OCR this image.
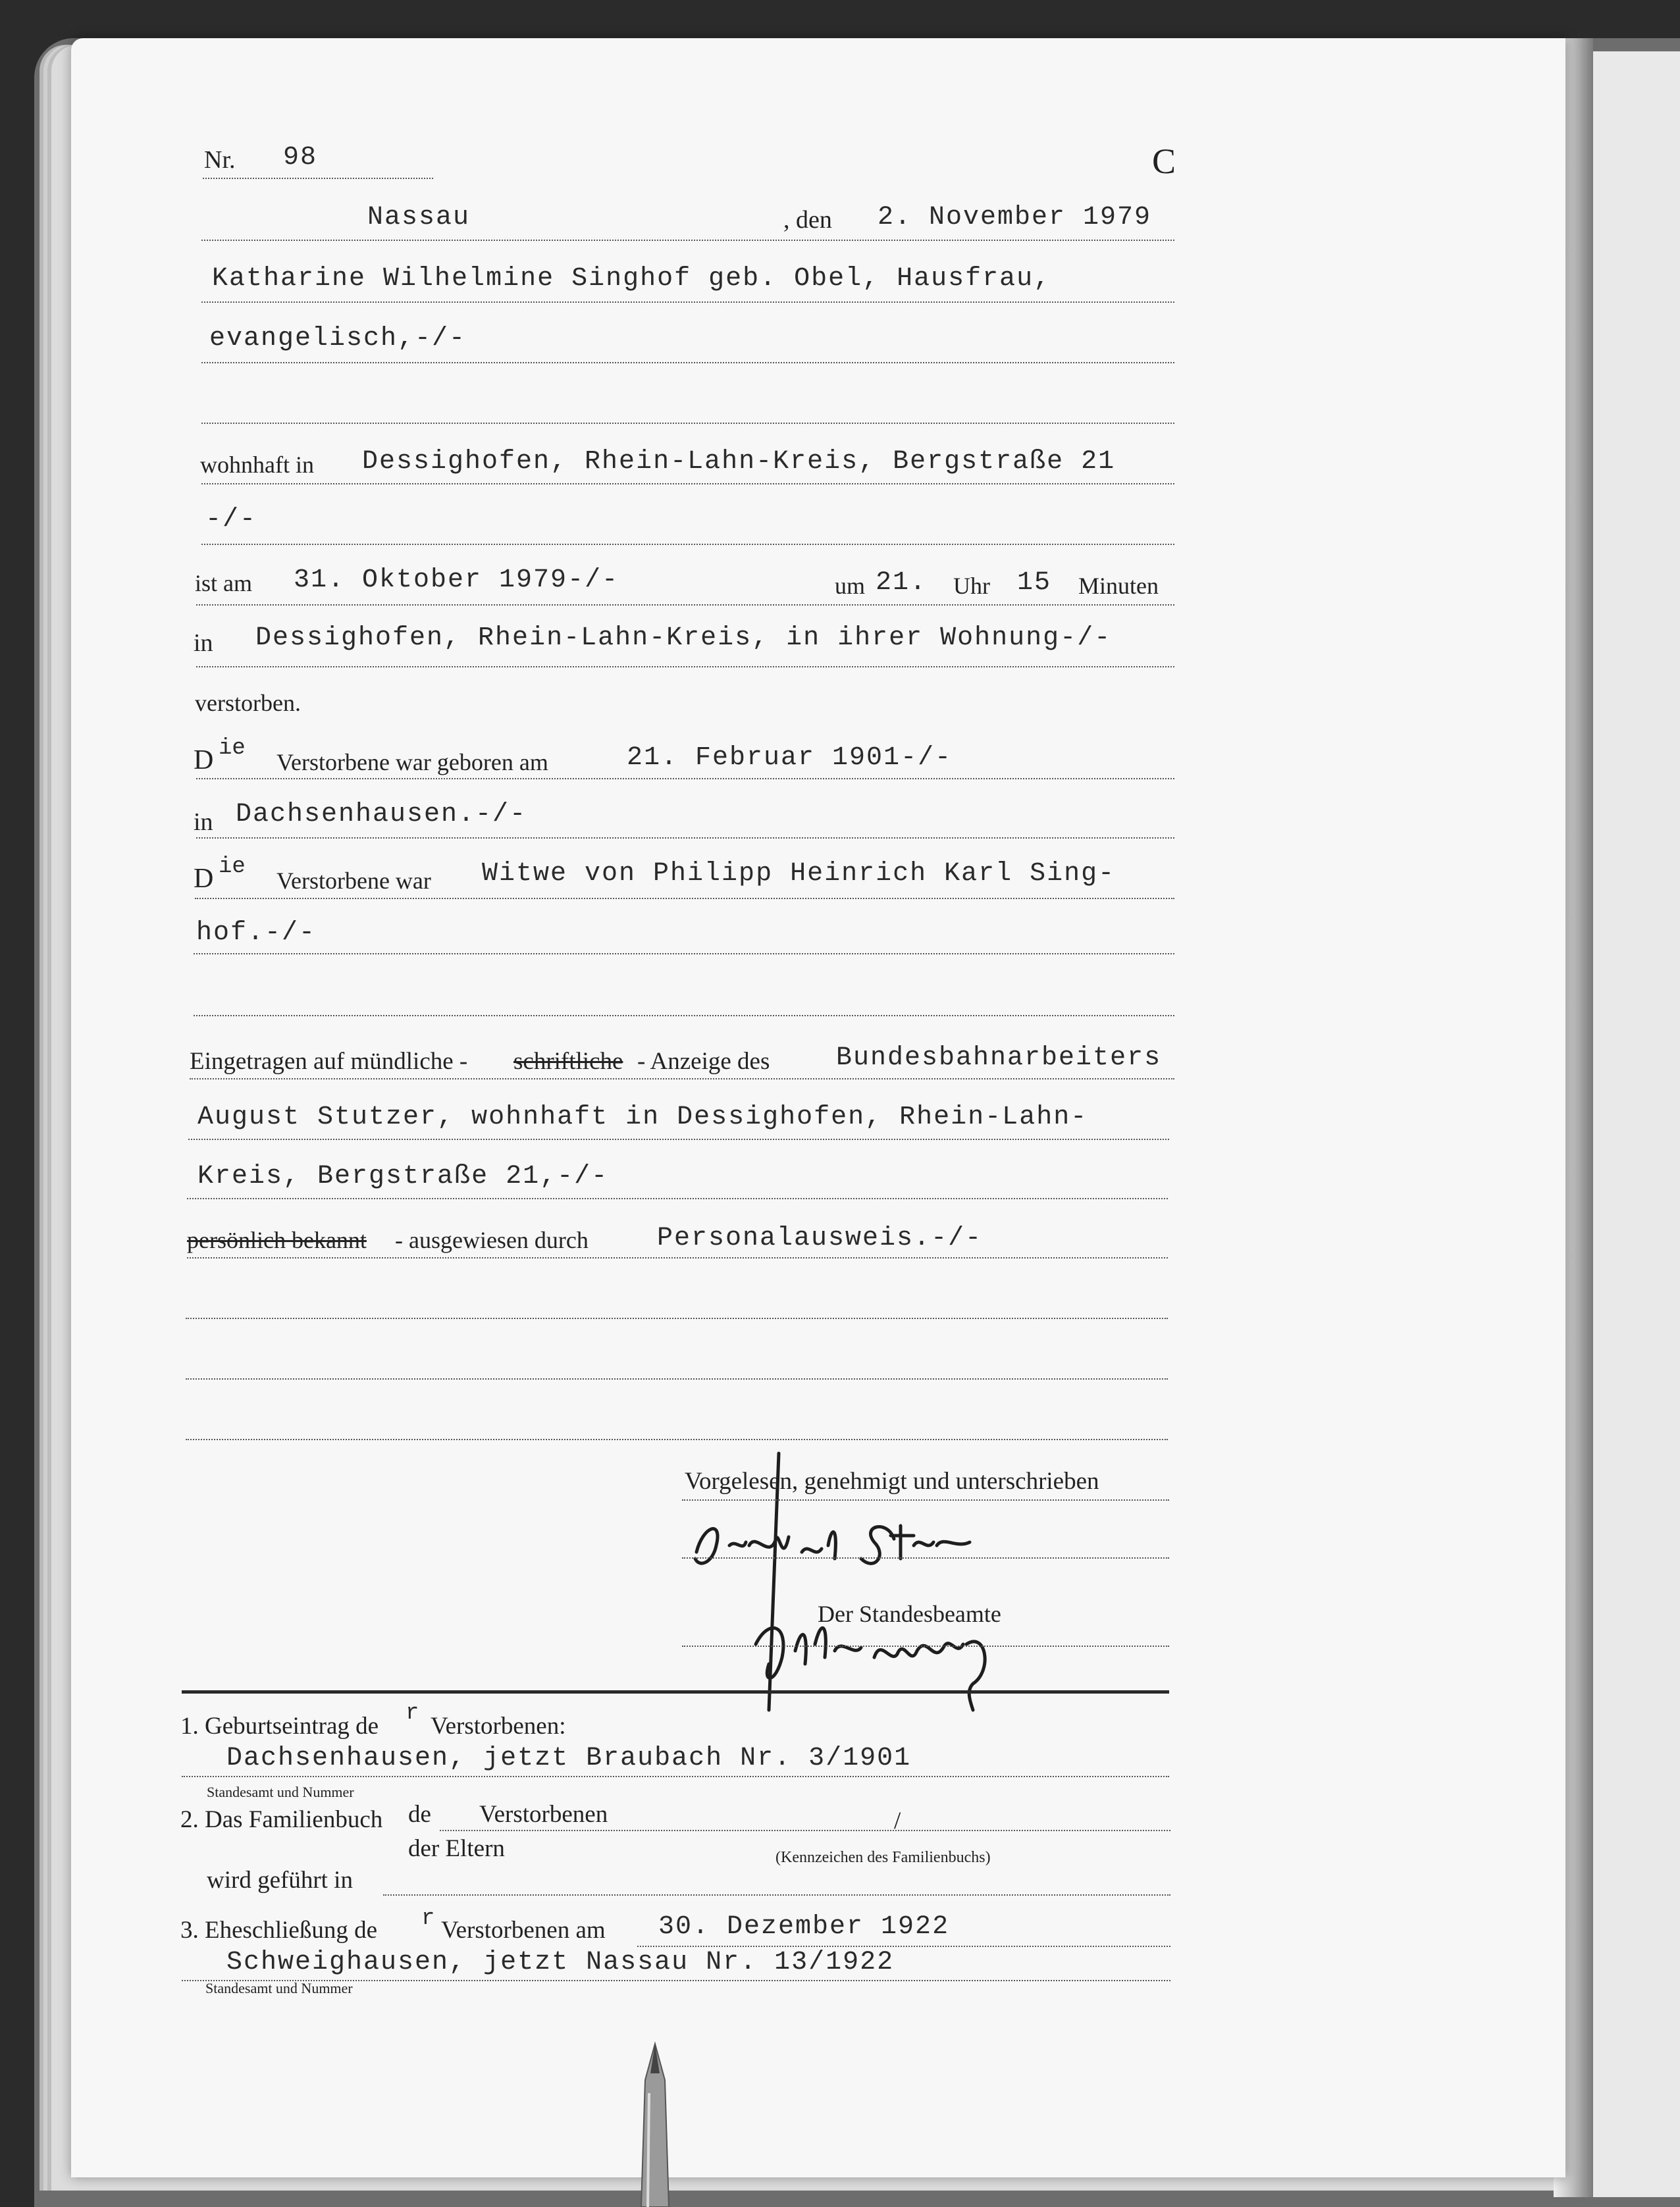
Nr. 98	C
Nassau	, den 2. November 1979
Katharine Wilhelmine Singhof geb. Obel, Hausfrau,
evangelisch,-/-
wohnhaft in Dessighofen, Rhein-Lahn-Kreis, Bergstraße 21
-/-
ist am 31. Oktober 1979-/-	um 21. Uhr 15 Minuten
in Dessighofen, Rhein-Lahn-Kreis, in ihrer Wohnung-/-
verstorben.
D ie
Verstorbene war geboren am	21. Februar 1901-/-
in Dachsenhausen.-/-
D ie
Verstorbene war Witwe von Philipp Heinrich Karl Sing-
hof.-/-
Eingetragen auf mündliche - schriftliche - Anzeige des	Bundesbahnarbeiters
August Stutzer, wohnhaft in Dessighofen, Rhein-Lahn-
Kreis, Bergstraße 21,-/-
persönlich bekannt - ausgewiesen durch	Personalausweis.-/-
Vorgelesen, genehmigt und unterschrieben
Der Standesbeamte
1. Geburtseintrag de r Verstorbenen:
Dachsenhausen, jetzt Braubach Nr. 3/1901
Standesamt und Nummer
2. Das Familienbuch de Verstorbenen	/
der Eltern	(Kennzeichen des Familienbuchs)
wird geführt in
3. Eheschließung de r Verstorbenen am 30. Dezember 1922
Schweighausen, jetzt Nassau Nr. 13/1922
Standesamt und Nummer
